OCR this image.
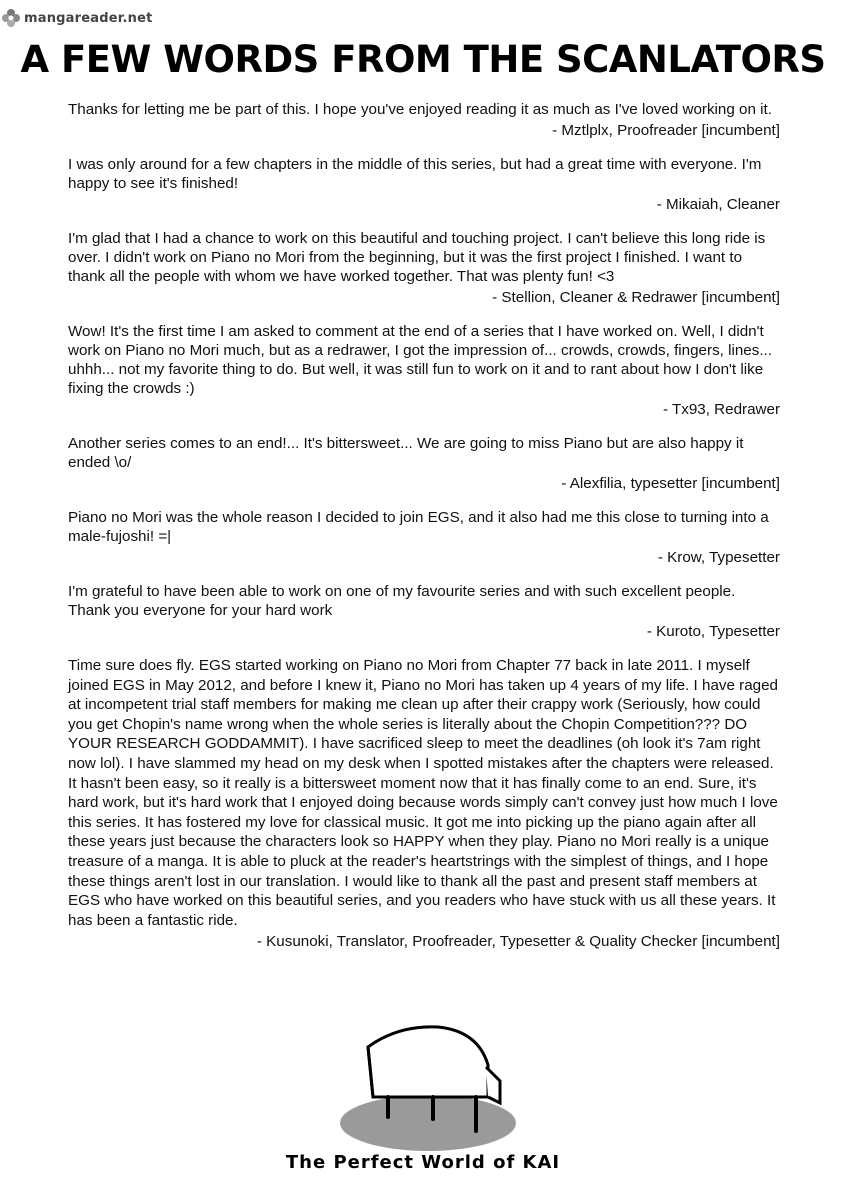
mangareader.net
A FEW WORDS FROM THE SCANLATORS

Thanks for letting me be part of this. I hope you've enjoyed reading it as much as I've loved working on it.

- Mztlplx, Proofreader [incumbent]

I was only around for a few chapters in the middle of this series, but had a great time with everyone. I'm happy to see it's finished!

- Mikaiah, Cleaner

I'm glad that I had a chance to work on this beautiful and touching project. I can't believe this long ride is over. I didn't work on Piano no Mori from the beginning, but it was the first project I finished. I want to thank all the people with whom we have worked together. That was plenty fun! <3

- Stellion, Cleaner & Redrawer [incumbent]

Wow! It's the first time I am asked to comment at the end of a series that I have worked on. Well, I didn't work on Piano no Mori much, but as a redrawer, I got the impression of... crowds, crowds, fingers, lines... uhhh... not my favorite thing to do. But well, it was still fun to work on it and to rant about how I don't like fixing the crowds :)

- Tx93, Redrawer

Another series comes to an end!... It's bittersweet... We are going to miss Piano but are also happy it ended \o/

- Alexfilia, typesetter [incumbent]

Piano no Mori was the whole reason I decided to join EGS, and it also had me this close to turning into a male-fujoshi! =|

- Krow, Typesetter

I'm grateful to have been able to work on one of my favourite series and with such excellent people. Thank you everyone for your hard work

- Kuroto, Typesetter

Time sure does fly. EGS started working on Piano no Mori from Chapter 77 back in late 2011. I myself joined EGS in May 2012, and before I knew it, Piano no Mori has taken up 4 years of my life. I have raged at incompetent trial staff members for making me clean up after their crappy work (Seriously, how could you get Chopin's name wrong when the whole series is literally about the Chopin Competition??? DO YOUR RESEARCH GODDAMMIT). I have sacrificed sleep to meet the deadlines (oh look it's 7am right now lol). I have slammed my head on my desk when I spotted mistakes after the chapters were released. It hasn't been easy, so it really is a bittersweet moment now that it has finally come to an end. Sure, it's hard work, but it's hard work that I enjoyed doing because words simply can't convey just how much I love this series. It has fostered my love for classical music. It got me into picking up the piano again after all these years just because the characters look so HAPPY when they play. Piano no Mori really is a unique treasure of a manga. It is able to pluck at the reader's heartstrings with the simplest of things, and I hope these things aren't lost in our translation. I would like to thank all the past and present staff members at EGS who have worked on this beautiful series, and you readers who have stuck with us all these years. It has been a fantastic ride.

- Kusunoki, Translator, Proofreader, Typesetter & Quality Checker [incumbent]

The Perfect World of KAI
